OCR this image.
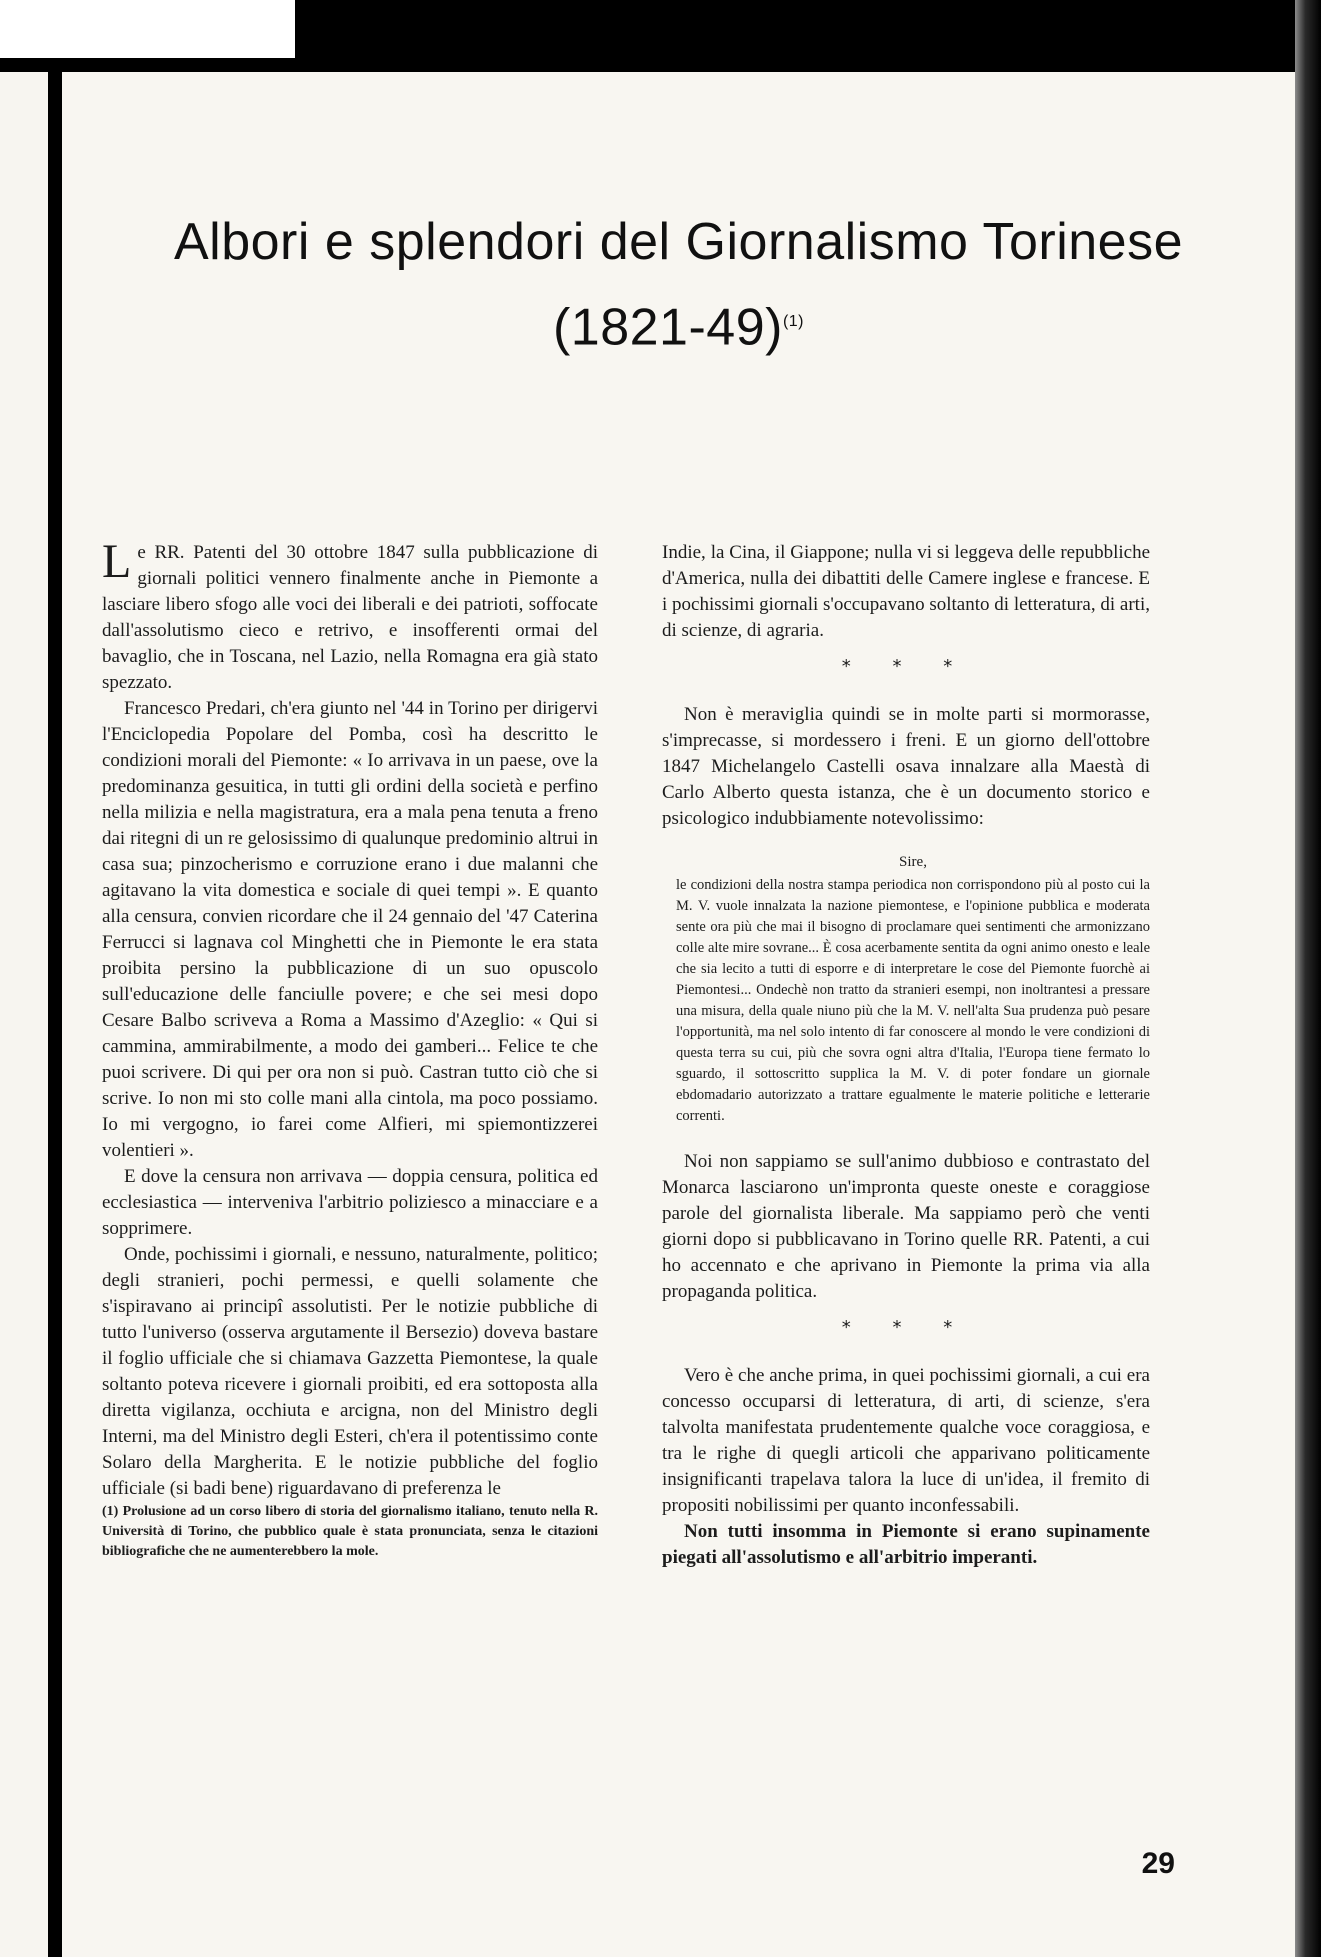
Albori e splendori del Giornalismo Torinese
(1821-49)$^{(1)}$

Le RR. Patenti del 30 ottobre 1847 sulla pubblicazione di giornali politici vennero finalmente anche in Piemonte a lasciare libero sfogo alle voci dei liberali e dei patrioti, soffocate dall'assolutismo cieco e retrivo, e insofferenti ormai del bavaglio, che in Toscana, nel Lazio, nella Romagna era già stato spezzato.

Francesco Predari, ch'era giunto nel '44 in Torino per dirigervi l'Enciclopedia Popolare del Pomba, così ha descritto le condizioni morali del Piemonte: « Io arrivava in un paese, ove la predominanza gesuitica, in tutti gli ordini della società e perfino nella milizia e nella magistratura, era a mala pena tenuta a freno dai ritegni di un re gelosissimo di qualunque predominio altrui in casa sua; pinzocherismo e corruzione erano i due malanni che agitavano la vita domestica e sociale di quei tempi ». E quanto alla censura, convien ricordare che il 24 gennaio del '47 Caterina Ferrucci si lagnava col Minghetti che in Piemonte le era stata proibita persino la pubblicazione di un suo opuscolo sull'educazione delle fanciulle povere; e che sei mesi dopo Cesare Balbo scriveva a Roma a Massimo d'Azeglio: « Qui si cammina, ammirabilmente, a modo dei gamberi... Felice te che puoi scrivere. Di qui per ora non si può. Castran tutto ciò che si scrive. Io non mi sto colle mani alla cintola, ma poco possiamo. Io mi vergogno, io farei come Alfieri, mi spiemontizzerei volentieri ».

E dove la censura non arrivava — doppia censura, politica ed ecclesiastica — interveniva l'arbitrio poliziesco a minacciare e a sopprimere.

Onde, pochissimi i giornali, e nessuno, naturalmente, politico; degli stranieri, pochi permessi, e quelli solamente che s'ispiravano ai principî assolutisti. Per le notizie pubbliche di tutto l'universo (osserva argutamente il Bersezio) doveva bastare il foglio ufficiale che si chiamava Gazzetta Piemontese, la quale soltanto poteva ricevere i giornali proibiti, ed era sottoposta alla diretta vigilanza, occhiuta e arcigna, non del Ministro degli Interni, ma del Ministro degli Esteri, ch'era il potentissimo conte Solaro della Margherita. E le notizie pubbliche del foglio ufficiale (si badi bene) riguardavano di preferenza le

(1) Prolusione ad un corso libero di storia del giornalismo italiano, tenuto nella R. Università di Torino, che pubblico quale è stata pronunciata, senza le citazioni bibliografiche che ne aumenterebbero la mole.

Indie, la Cina, il Giappone; nulla vi si leggeva delle repubbliche d'America, nulla dei dibattiti delle Camere inglese e francese. E i pochissimi giornali s'occupavano soltanto di letteratura, di arti, di scienze, di agraria.

* * *

Non è meraviglia quindi se in molte parti si mormorasse, s'imprecasse, si mordessero i freni. E un giorno dell'ottobre 1847 Michelangelo Castelli osava innalzare alla Maestà di Carlo Alberto questa istanza, che è un documento storico e psicologico indubbiamente notevolissimo:

Sire,
le condizioni della nostra stampa periodica non corrispondono più al posto cui la M. V. vuole innalzata la nazione piemontese, e l'opinione pubblica e moderata sente ora più che mai il bisogno di proclamare quei sentimenti che armonizzano colle alte mire sovrane... È cosa acerbamente sentita da ogni animo onesto e leale che sia lecito a tutti di esporre e di interpretare le cose del Piemonte fuorchè ai Piemontesi... Ondechè non tratto da stranieri esempi, non inoltrantesi a pressare una misura, della quale niuno più che la M. V. nell'alta Sua prudenza può pesare l'opportunità, ma nel solo intento di far conoscere al mondo le vere condizioni di questa terra su cui, più che sovra ogni altra d'Italia, l'Europa tiene fermato lo sguardo, il sottoscritto supplica la M. V. di poter fondare un giornale ebdomadario autorizzato a trattare egualmente le materie politiche e letterarie correnti.

Noi non sappiamo se sull'animo dubbioso e contrastato del Monarca lasciarono un'impronta queste oneste e coraggiose parole del giornalista liberale. Ma sappiamo però che venti giorni dopo si pubblicavano in Torino quelle RR. Patenti, a cui ho accennato e che aprivano in Piemonte la prima via alla propaganda politica.

* * *

Vero è che anche prima, in quei pochissimi giornali, a cui era concesso occuparsi di letteratura, di arti, di scienze, s'era talvolta manifestata prudentemente qualche voce coraggiosa, e tra le righe di quegli articoli che apparivano politicamente insignificanti trapelava talora la luce di un'idea, il fremito di propositi nobilissimi per quanto inconfessabili.

Non tutti insomma in Piemonte si erano supinamente piegati all'assolutismo e all'arbitrio imperanti.

29
